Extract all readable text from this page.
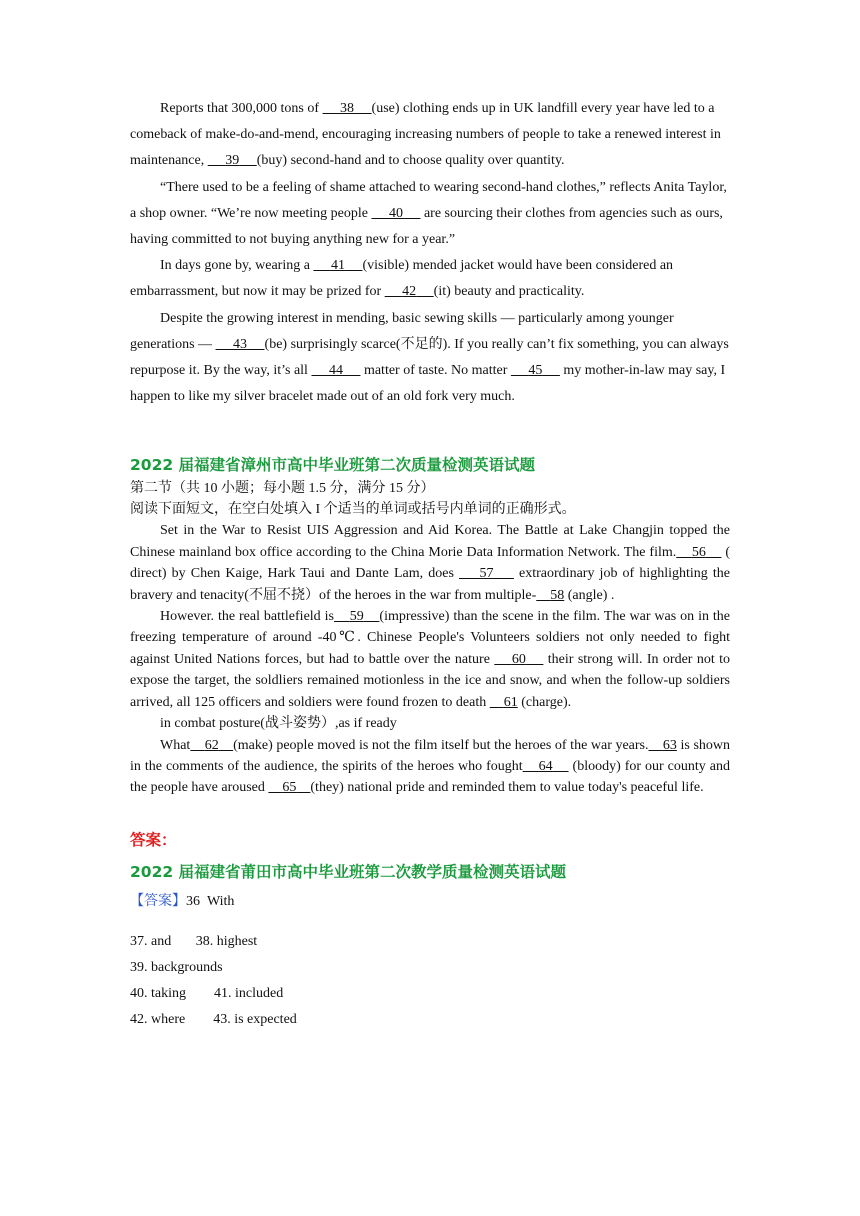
Reports that 300,000 tons of      38 (use) clothing ends up in UK landfill every year have led to a comeback of make-do-and-mend, encouraging increasing numbers of people to take a renewed interest in maintenance,      39 (buy) second-hand and to choose quality over quantity.

“There used to be a feeling of shame attached to wearing second-hand clothes,” reflects Anita Taylor, a shop owner. “We’re now meeting people      40      are sourcing their clothes from agencies such as ours, having committed to not buying anything new for a year.”

In days gone by, wearing a      41 (visible) mended jacket would have been considered an embarrassment, but now it may be prized for      42 (it) beauty and practicality.

Despite the growing interest in mending, basic sewing skills — particularly among younger generations —      43 (be) surprisingly scarce(不足的). If you really can’t fix something, you can always repurpose it. By the way, it’s all      44      matter of taste. No matter      45      my mother-in-law may say, I happen to like my silver bracelet made out of an old fork very much.

2022 届福建省漳州市高中毕业班第二次质量检测英语试题

第二节（共 10 小题；每小题 1.5 分，满分 15 分）

阅读下面短文，在空白处填入 I 个适当的单词或括号内单词的正确形式。

Set in the War to Resist UIS Aggression and Aid Korea. The Battle at Lake Changjin topped the Chinese mainland box office according to the China Morie Data Information Network. The film. 56     ( direct) by Chen Kaige, Hark Taui and Dante Lam, does     57     extraordinary job of highlighting the bravery and tenacity(不屈不挠）of the heroes in the war from multiple- 58 (angle) .

However. the real battlefield is 59 (impressive) than the scene in the film. The war was on in the freezing temperature of around -40℃. Chinese People's Volunteers soldiers not only needed to fight against United Nations forces, but had to battle over the nature     60     their strong will. In order not to expose the target, the soldliers remained motionless in the ice and snow, and when the follow-up soldiers arrived, all 125 officers and soldiers were found frozen to death     61 (charge).

in combat posture(战斗姿势）,as if ready

What 62 (make) people moved is not the film itself but the heroes of the war years. 63 is shown in the comments of the audience, the spirits of the heroes who fought 64     (bloody) for our county and the people have aroused     65 (they) national pride and reminded them to value today's peaceful life.

答案：
2022 届福建省莆田市高中毕业班第二次教学质量检测英语试题

【答案】36 With

37. and 38. highest

39. backgrounds

40. taking 41. included

42. where 43. is expected
